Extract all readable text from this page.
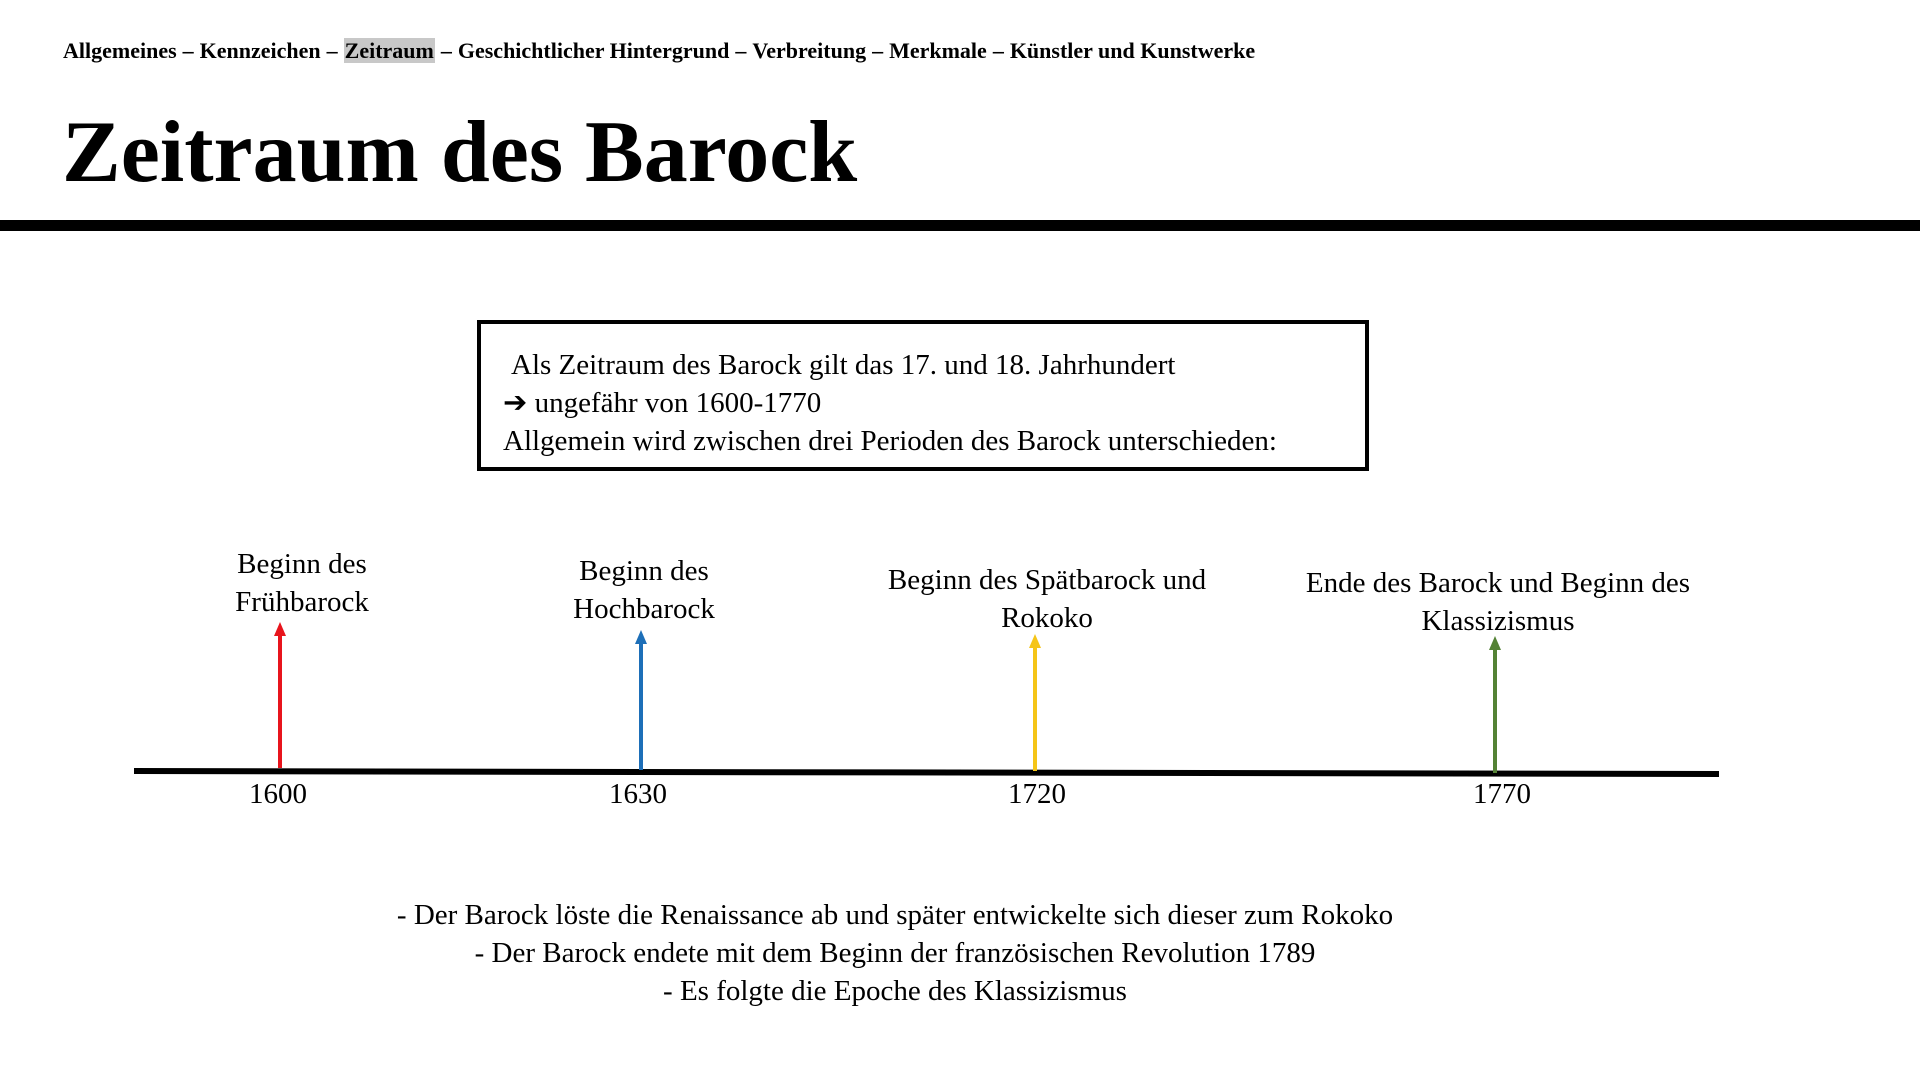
Allgemeines – Kennzeichen – Zeitraum – Geschichtlicher Hintergrund – Verbreitung – Merkmale – Künstler und Kunstwerke
Zeitraum des Barock
Als Zeitraum des Barock gilt das 17. und 18. Jahrhundert
➔ ungefähr von 1600-1770
Allgemein wird zwischen drei Perioden des Barock unterschieden:
Beginn des
Frühbarock
Beginn des
Hochbarock
Beginn des Spätbarock und
Rokoko
Ende des Barock und Beginn des
Klassizismus
1600	1630	1720	1770
- Der Barock löste die Renaissance ab und später entwickelte sich dieser zum Rokoko
- Der Barock endete mit dem Beginn der französischen Revolution 1789
- Es folgte die Epoche des Klassizismus
